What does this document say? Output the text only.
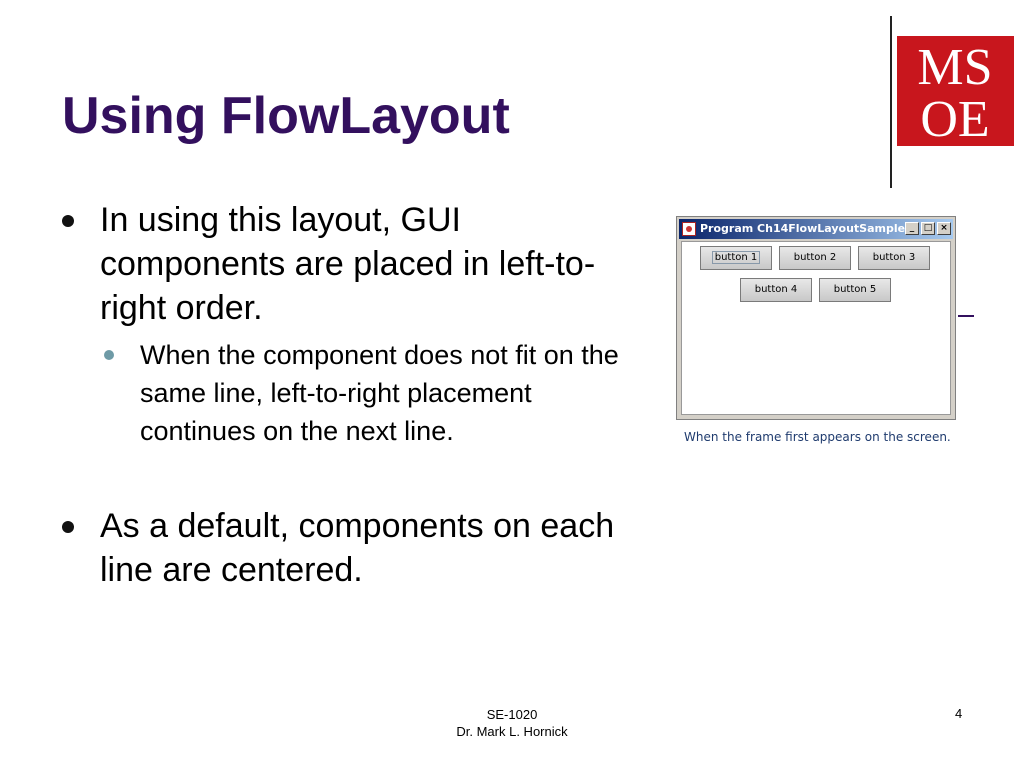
Using FlowLayout
MS
OE
In using this layout, GUI components are placed in left-to-right order.
When the component does not fit on the same line, left-to-right placement continues on the next line.
As a default, components on each line are centered.
Program Ch14FlowLayoutSample _	□ ×
button 1	button 2	button 3
button 4	button 5
When the frame first appears on the screen.
SE-1020
Dr. Mark L. Hornick
4
